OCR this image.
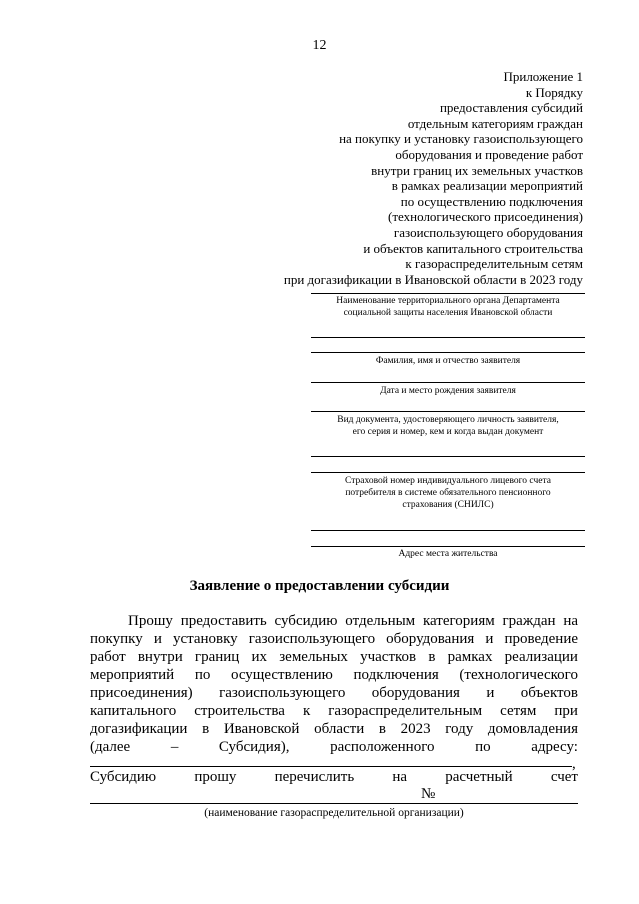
12
Приложение 1
к Порядку
предоставления субсидий
отдельным категориям граждан
на покупку и установку газоиспользующего
оборудования и проведение работ
внутри границ их земельных участков
в рамках реализации мероприятий
по осуществлению подключения
(технологического присоединения)
газоиспользующего оборудования
и объектов капитального строительства
к газораспределительным сетям
при догазификации в Ивановской области в 2023 году
Наименование территориального органа Департамента
социальной защиты населения Ивановской области
Фамилия, имя и отчество заявителя
Дата и место рождения заявителя
Вид документа, удостоверяющего личность заявителя,
его серия и номер, кем и когда выдан документ
Страховой номер индивидуального лицевого счета
потребителя в системе обязательного пенсионного
страхования (СНИЛС)
Адрес места жительства
Заявление о предоставлении субсидии
Прошу предоставить субсидию отдельным категориям граждан на
покупку и установку газоиспользующего оборудования и проведение
работ внутри границ их земельных участков в рамках реализации
мероприятий по осуществлению подключения (технологического
присоединения) газоиспользующего оборудования и объектов
капитального строительства к газораспределительным сетям при
догазификации в Ивановской области в 2023 году домовладения
(далее	–	Субсидия),	расположенного	по	адресу:
,
Субсидию	прошу	перечислить	на	расчетный	счет
№
(наименование газораспределительной организации)
